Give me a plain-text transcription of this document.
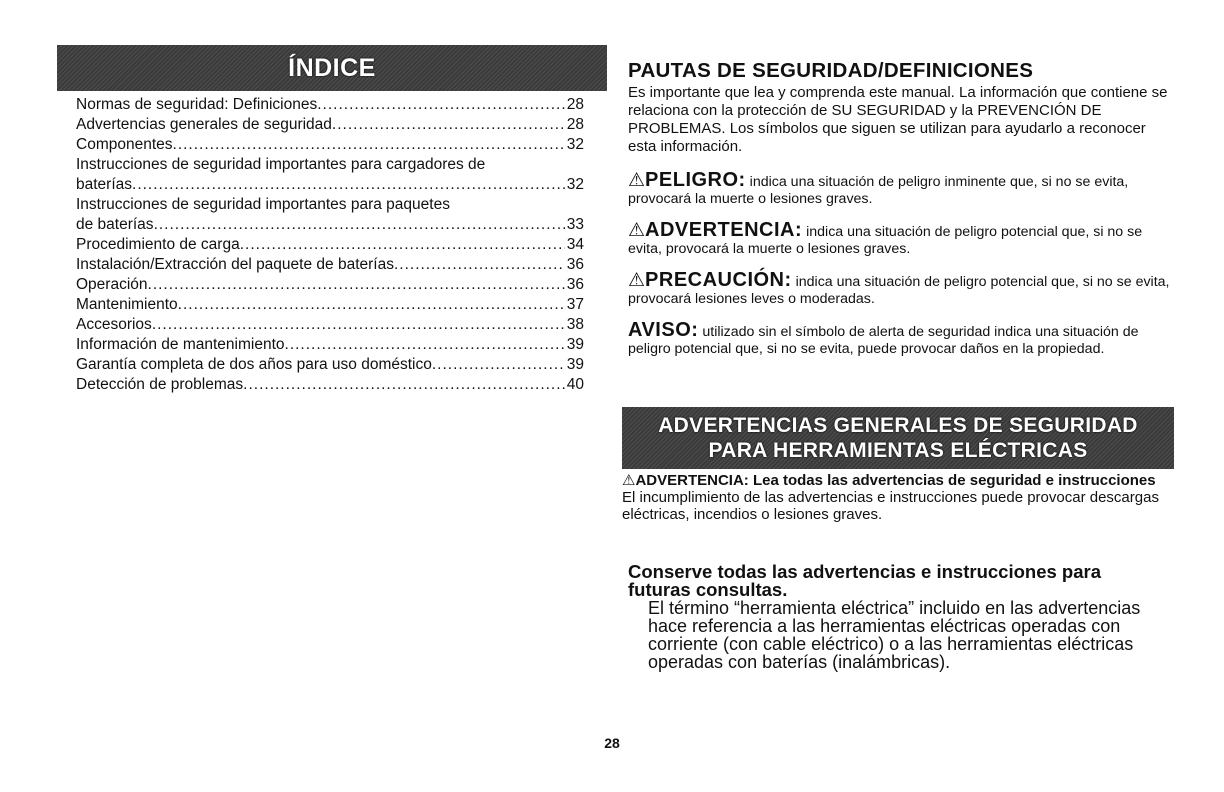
ÍNDICE
Normas de seguridad: Definiciones .....	28
Advertencias generales de seguridad .....	28
Componentes .....	32
Instrucciones de seguridad importantes para cargadores de
baterías .....	32
Instrucciones de seguridad importantes para paquetes
de baterías .....	33
Procedimiento de carga .....	34
Instalación/Extracción del paquete de baterías .....	36
Operación .....	36
Mantenimiento .....	37
Accesorios .....	38
Información de mantenimiento .....	39
Garantía completa de dos años para uso doméstico .....	39
Detección de problemas .....	40
PAUTAS DE SEGURIDAD/DEFINICIONES

Es importante que lea y comprenda este manual. La información que contiene se relaciona con la protección de SU SEGURIDAD y la PREVENCIÓN DE PROBLEMAS. Los símbolos que siguen se utilizan para ayudarlo a reconocer esta información.

⚠PELIGRO: indica una situación de peligro inminente que, si no se evita, provocará la muerte o lesiones graves.

⚠ADVERTENCIA: indica una situación de peligro potencial que, si no se evita, provocará la muerte o lesiones graves.

⚠PRECAUCIÓN: indica una situación de peligro potencial que, si no se evita, provocará lesiones leves o moderadas.

AVISO: utilizado sin el símbolo de alerta de seguridad indica una situación de peligro potencial que, si no se evita, puede provocar daños en la propiedad.

ADVERTENCIAS GENERALES DE SEGURIDAD
PARA HERRAMIENTAS ELÉCTRICAS
⚠ADVERTENCIA: Lea todas las advertencias de seguridad e instrucciones El incumplimiento de las advertencias e instrucciones puede provocar descargas eléctricas, incendios o lesiones graves.

Conserve todas las advertencias e instrucciones para futuras consultas.

El término “herramienta eléctrica” incluido en las advertencias hace referencia a las herramientas eléctricas operadas con corriente (con cable eléctrico) o a las herramientas eléctricas operadas con baterías (inalámbricas).

28
